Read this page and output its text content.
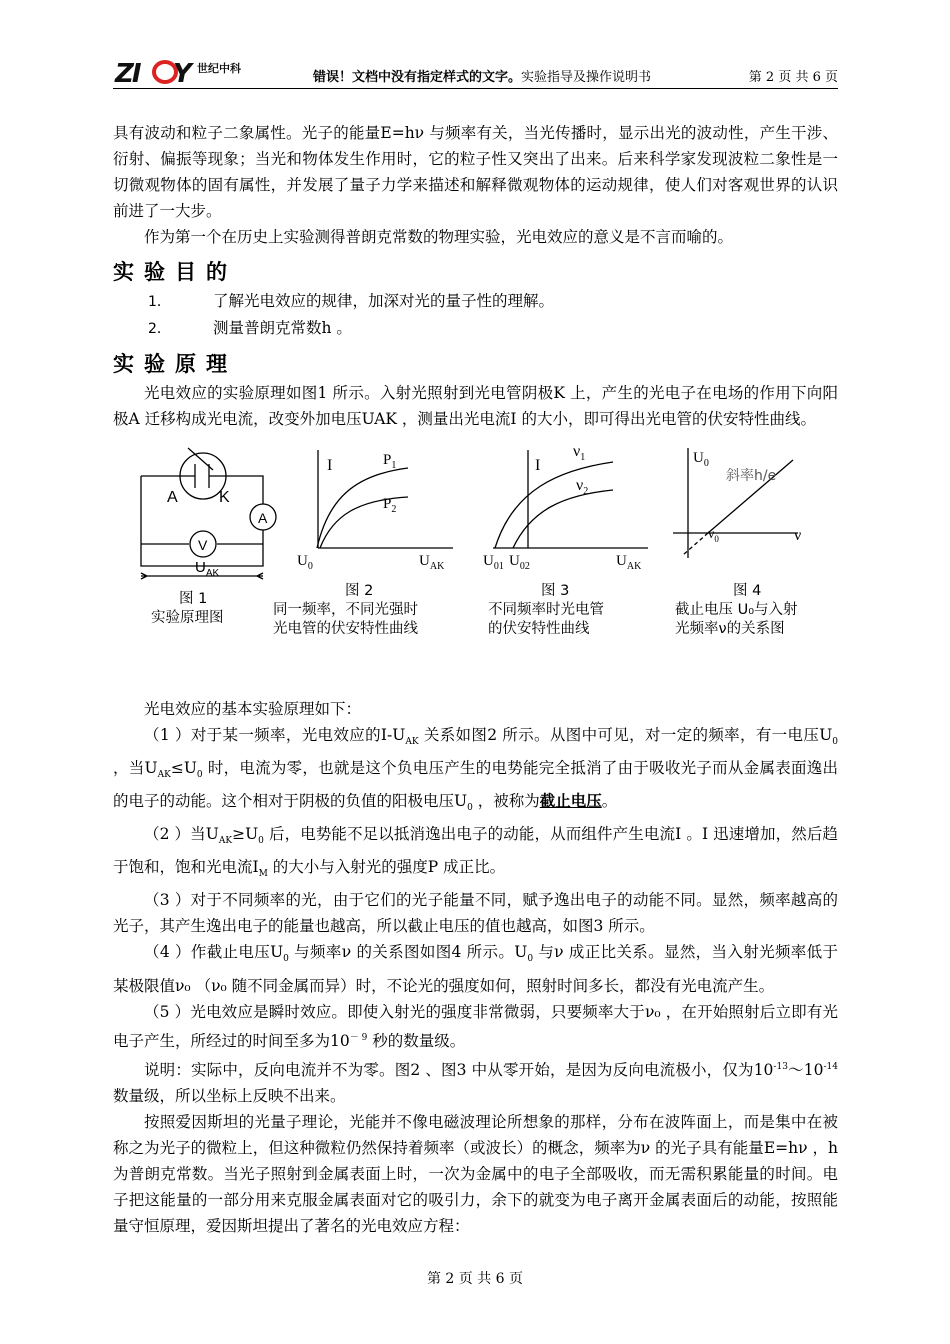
ZI Y 世纪中科
错误！文档中没有指定样式的文字。实验指导及操作说明书	第 2 页 共 6 页

具有波动和粒子二象属性。光子的能量E=hν 与频率有关，当光传播时，显示出光的波动性，产生干涉、衍射、偏振等现象；当光和物体发生作用时，它的粒子性又突出了出来。后来科学家发现波粒二象性是一切微观物体的固有属性，并发展了量子力学来描述和解释微观物体的运动规律，使人们对客观世界的认识前进了一大步。

作为第一个在历史上实验测得普朗克常数的物理实验，光电效应的意义是不言而喻的。

实验目的

1．	了解光电效应的规律，加深对光的量子性的理解。

2．	测量普朗克常数h 。

实验原理

光电效应的实验原理如图1 所示。入射光照射到光电管阴极K 上，产生的光电子在电场的作用下向阳极A 迁移构成光电流，改变外加电压UAK ，测量出光电流I 的大小，即可得出光电管的伏安特性曲线。

A	K
A
V
$U_{AK}$
图 1
实验原理图
I	$P_1$
$P_2$
$U_0$	$U_{AK}$
图 2
同一频率，不同光强时
光电管的伏安特性曲线
I
$\nu_1$
$\nu_2$
$U_{01}$ $U_{02}$	$U_{AK}$
图 3
不同频率时光电管
的伏安特性曲线
$U_0$
斜率h/e
$\nu_0$	ν
图 4
截止电压 U₀与入射
光频率ν的关系图

光电效应的基本实验原理如下：

（1 ）对于某一频率，光电效应的$I-U_{AK}$ 关系如图2 所示。从图中可见，对一定的频率，有一电压$U_0$ ，当$U_{AK}\le U_0$ 时，电流为零，也就是这个负电压产生的电势能完全抵消了由于吸收光子而从金属表面逸出的电子的动能。这个相对于阴极的负值的阳极电压$U_0$ ，被称为截止电压。

（2 ）当$U_{AK}\ge U_0$ 后，电势能不足以抵消逸出电子的动能，从而组件产生电流I 。I 迅速增加，然后趋于饱和，饱和光电流$I_M$ 的大小与入射光的强度P 成正比。

（3 ）对于不同频率的光，由于它们的光子能量不同，赋予逸出电子的动能不同。显然，频率越高的光子，其产生逸出电子的能量也越高，所以截止电压的值也越高，如图3 所示。

（4 ）作截止电压$U_0$ 与频率ν 的关系图如图4 所示。$U_0$ 与ν 成正比关系。显然，当入射光频率低于某极限值ν₀ （ν₀ 随不同金属而异）时，不论光的强度如何，照射时间多长，都没有光电流产生。

（5 ）光电效应是瞬时效应。即使入射光的强度非常微弱，只要频率大于ν₀ ，在开始照射后立即有光电子产生，所经过的时间至多为$10^{- 9}$ 秒的数量级。

说明：实际中，反向电流并不为零。图2 、图3 中从零开始，是因为反向电流极小，仅为$10^{-13}\sim 10^{-14}$ 数量级，所以坐标上反映不出来。

按照爱因斯坦的光量子理论，光能并不像电磁波理论所想象的那样，分布在波阵面上，而是集中在被称之为光子的微粒上，但这种微粒仍然保持着频率（或波长）的概念，频率为ν 的光子具有能量E=hν ，h 为普朗克常数。当光子照射到金属表面上时，一次为金属中的电子全部吸收，而无需积累能量的时间。电子把这能量的一部分用来克服金属表面对它的吸引力，余下的就变为电子离开金属表面后的动能，按照能量守恒原理，爱因斯坦提出了著名的光电效应方程：

第 2 页 共 6 页
